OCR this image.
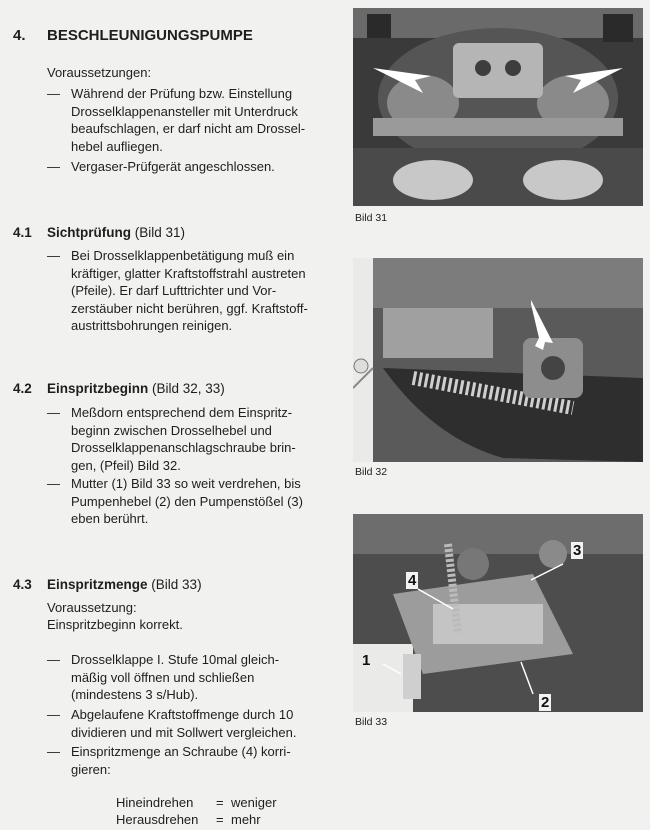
4. BESCHLEUNIGUNGSPUMPE
Voraussetzungen:
— Während der Prüfung bzw. Einstellung
Drosselklappenansteller mit Unterdruck
beaufschlagen, er darf nicht am Drossel-
hebel aufliegen.
— Vergaser-Prüfgerät angeschlossen.
4.1 Sichtprüfung (Bild 31)
— Bei Drosselklappenbetätigung muß ein
kräftiger, glatter Kraftstoffstrahl austreten
(Pfeile). Er darf Lufttrichter und Vor-
zerstäuber nicht berühren, ggf. Kraftstoff-
austrittsbohrungen reinigen.
4.2 Einspritzbeginn (Bild 32, 33)
— Meßdorn entsprechend dem Einspritz-
beginn zwischen Drosselhebel und
Drosselklappenanschlagschraube brin-
gen, (Pfeil) Bild 32.
— Mutter (1) Bild 33 so weit verdrehen, bis
Pumpenhebel (2) den Pumpenstößel (3)
eben berührt.
4.3 Einspritzmenge (Bild 33)
Voraussetzung:
Einspritzbeginn korrekt.
— Drosselklappe I. Stufe 10mal gleich-
mäßig voll öffnen und schließen
(mindestens 3 s/Hub).
— Abgelaufene Kraftstoffmenge durch 10
dividieren und mit Sollwert vergleichen.
— Einspritzmenge an Schraube (4) korri-
gieren:
Hineindrehen = weniger
Herausdrehen = mehr
Bild 31
Bild 32
1
4
3
2
Bild 33
